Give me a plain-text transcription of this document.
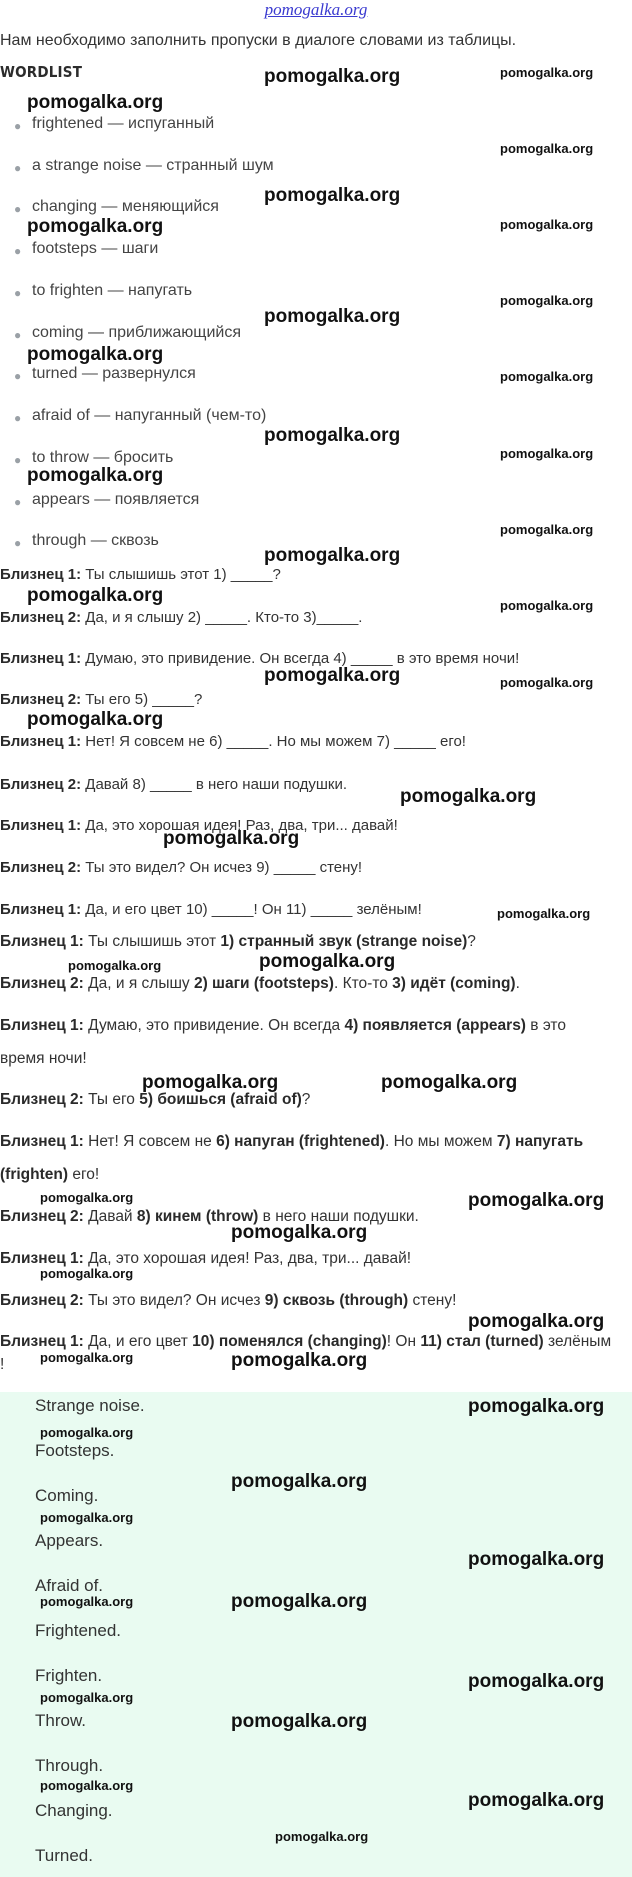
pomogalka.org
Нам необходимо заполнить пропуски в диалоге словами из таблицы.
WORDLIST
● frightened — испуганный
● a strange noise — странный шум
● changing — меняющийся
● footsteps — шаги
● to frighten — напугать
● coming — приближающийся
● turned — развернулся
● afraid of — напуганный (чем-то)
● to throw — бросить
● appears — появляется
● through — сквозь
Близнец 1: Ты слышишь этот 1) _____?
Близнец 2: Да, и я слышу 2) _____. Кто-то 3)_____.
Близнец 1: Думаю, это привидение. Он всегда 4) _____ в это время ночи!
Близнец 2: Ты его 5) _____?
Близнец 1: Нет! Я совсем не 6) _____. Но мы можем 7) _____ его!
Близнец 2: Давай 8) _____ в него наши подушки.
Близнец 1: Да, это хорошая идея! Раз, два, три... давай!
Близнец 2: Ты это видел? Он исчез 9) _____ стену!
Близнец 1: Да, и его цвет 10) _____! Он 11) _____ зелёным!
Близнец 1: Ты слышишь этот 1) странный звук (strange noise)?
Близнец 2: Да, и я слышу 2) шаги (footsteps). Кто-то 3) идёт (coming).
Близнец 1: Думаю, это привидение. Он всегда 4) появляется (appears) в это
время ночи!
Близнец 2: Ты его 5) боишься (afraid of)?
Близнец 1: Нет! Я совсем не 6) напуган (frightened). Но мы можем 7) напугать
(frighten) его!
Близнец 2: Давай 8) кинем (throw) в него наши подушки.
Близнец 1: Да, это хорошая идея! Раз, два, три... давай!
Близнец 2: Ты это видел? Он исчез 9) сквозь (through) стену!
Близнец 1: Да, и его цвет 10) поменялся (changing)! Он 11) стал (turned) зелёным
!
Strange noise.
Footsteps.
Coming.
Appears.
Afraid of.
Frightened.
Frighten.
Throw.
Through.
Changing.
Turned.
pomogalka.org	pomogalka.org
pomogalka.org
pomogalka.org
pomogalka.org
pomogalka.org	pomogalka.org
pomogalka.org
pomogalka.org
pomogalka.org
pomogalka.org
pomogalka.org
pomogalka.org
pomogalka.org
pomogalka.org
pomogalka.org
pomogalka.org	pomogalka.org
pomogalka.org	pomogalka.org
pomogalka.org
pomogalka.org
pomogalka.org
pomogalka.org
pomogalka.org
pomogalka.org
pomogalka.org	pomogalka.org
pomogalka.org	pomogalka.org
pomogalka.org
pomogalka.org
pomogalka.org
pomogalka.org	pomogalka.org
pomogalka.org
pomogalka.org
pomogalka.org
pomogalka.org
pomogalka.org
pomogalka.org	pomogalka.org
pomogalka.org
pomogalka.org
pomogalka.org
pomogalka.org
pomogalka.org
pomogalka.org
